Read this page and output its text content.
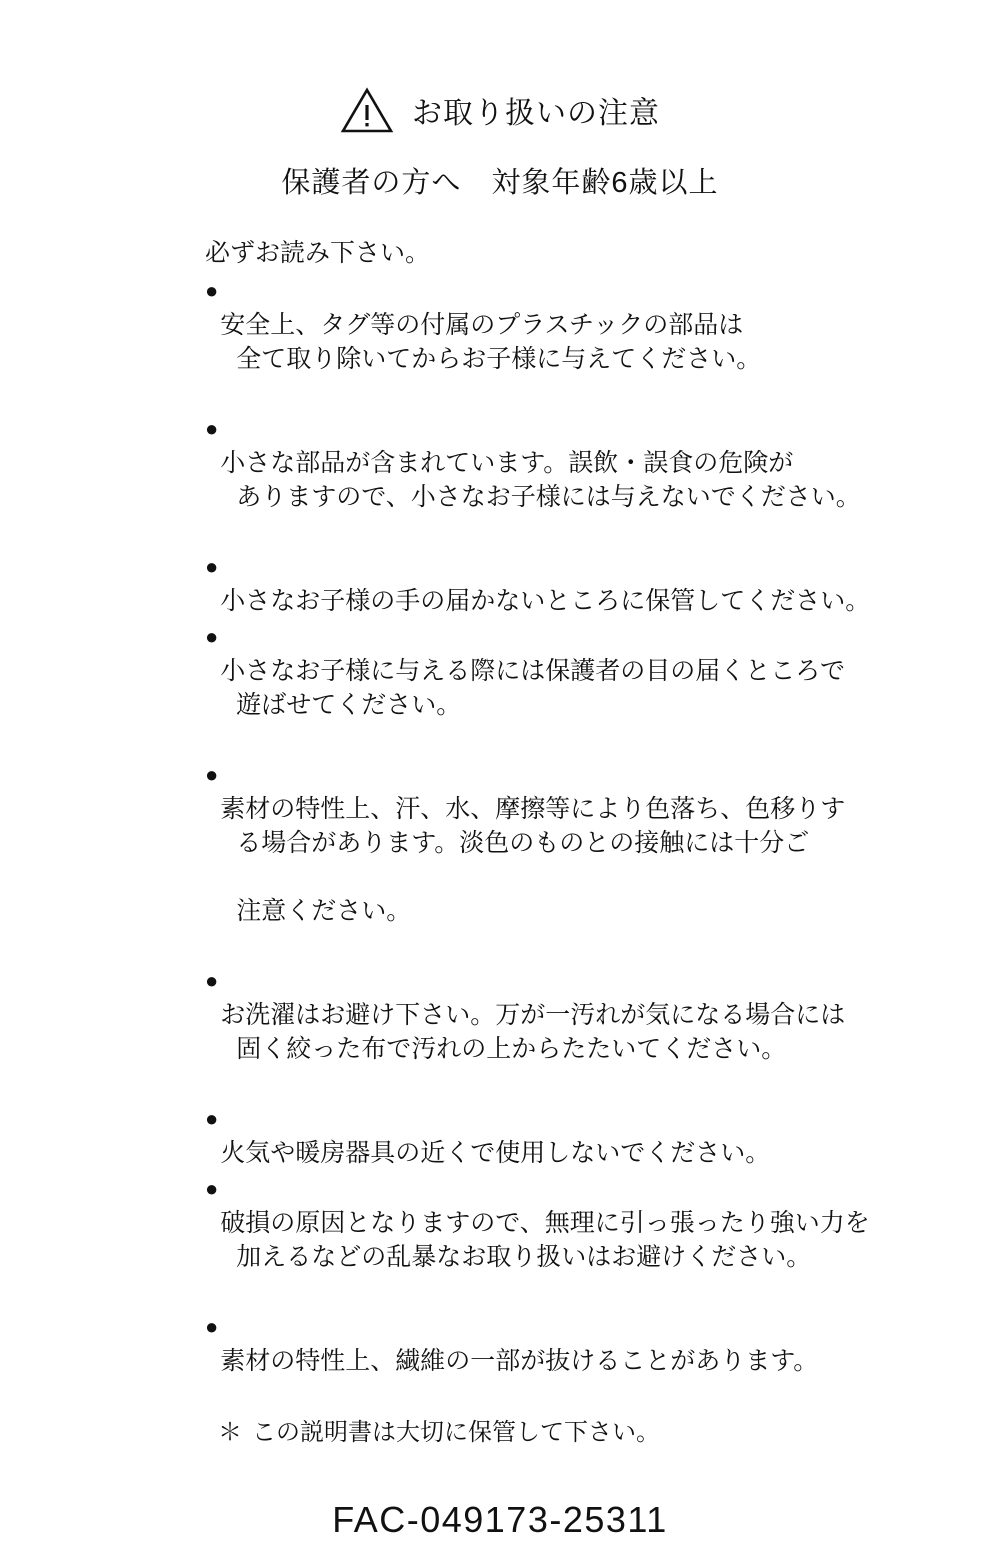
お取り扱いの注意
保護者の方へ　対象年齢6歳以上
必ずお読み下さい。
●

安全上、タグ等の付属のプラスチックの部品は

全て取り除いてからお子様に与えてください。

●

小さな部品が含まれています。誤飲・誤食の危険が

ありますので、小さなお子様には与えないでください。

●

小さなお子様の手の届かないところに保管してください。

●

小さなお子様に与える際には保護者の目の届くところで

遊ばせてください。

●

素材の特性上、汗、水、摩擦等により色落ち、色移りす

る場合があります。淡色のものとの接触には十分ご

注意ください。

●

お洗濯はお避け下さい。万が一汚れが気になる場合には

固く絞った布で汚れの上からたたいてください。

●

火気や暖房器具の近くで使用しないでください。

●

破損の原因となりますので、無理に引っ張ったり強い力を

加えるなどの乱暴なお取り扱いはお避けください。

●

素材の特性上、繊維の一部が抜けることがあります。

＊ この説明書は大切に保管して下さい。
FAC-049173-25311
